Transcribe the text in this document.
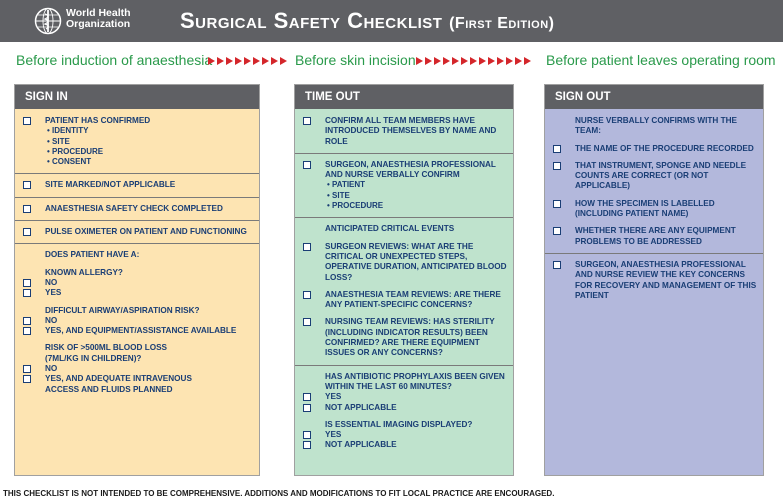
World Health
Organization Surgical Safety Checklist (First Edition)
Before induction of anaesthesia	Before skin incision	Before patient leaves operating room
SIGN IN
PATIENT HAS CONFIRMED
• IDENTITY
• SITE
• PROCEDURE
• CONSENT
SITE MARKED/NOT APPLICABLE
ANAESTHESIA SAFETY CHECK COMPLETED
PULSE OXIMETER ON PATIENT AND FUNCTIONING
DOES PATIENT HAVE A:
KNOWN ALLERGY?
NO
YES
DIFFICULT AIRWAY/ASPIRATION RISK?
NO
YES, AND EQUIPMENT/ASSISTANCE AVAILABLE
RISK OF >500ML BLOOD LOSS
(7ML/KG IN CHILDREN)?
NO
YES, AND ADEQUATE INTRAVENOUS ACCESS AND FLUIDS PLANNED
TIME OUT
CONFIRM ALL TEAM MEMBERS HAVE INTRODUCED THEMSELVES BY NAME AND ROLE
SURGEON, ANAESTHESIA PROFESSIONAL AND NURSE VERBALLY CONFIRM
• PATIENT
• SITE
• PROCEDURE
ANTICIPATED CRITICAL EVENTS
SURGEON REVIEWS: WHAT ARE THE CRITICAL OR UNEXPECTED STEPS, OPERATIVE DURATION, ANTICIPATED BLOOD LOSS?
ANAESTHESIA TEAM REVIEWS: ARE THERE ANY PATIENT-SPECIFIC CONCERNS?
NURSING TEAM REVIEWS: HAS STERILITY (INCLUDING INDICATOR RESULTS) BEEN CONFIRMED? ARE THERE EQUIPMENT ISSUES OR ANY CONCERNS?
HAS ANTIBIOTIC PROPHYLAXIS BEEN GIVEN WITHIN THE LAST 60 MINUTES?
YES
NOT APPLICABLE
IS ESSENTIAL IMAGING DISPLAYED?
YES
NOT APPLICABLE
SIGN OUT
NURSE VERBALLY CONFIRMS WITH THE TEAM:
THE NAME OF THE PROCEDURE RECORDED
THAT INSTRUMENT, SPONGE AND NEEDLE COUNTS ARE CORRECT (OR NOT APPLICABLE)
HOW THE SPECIMEN IS LABELLED (INCLUDING PATIENT NAME)
WHETHER THERE ARE ANY EQUIPMENT PROBLEMS TO BE ADDRESSED
SURGEON, ANAESTHESIA PROFESSIONAL AND NURSE REVIEW THE KEY CONCERNS FOR RECOVERY AND MANAGEMENT OF THIS PATIENT
THIS CHECKLIST IS NOT INTENDED TO BE COMPREHENSIVE. ADDITIONS AND MODIFICATIONS TO FIT LOCAL PRACTICE ARE ENCOURAGED.
